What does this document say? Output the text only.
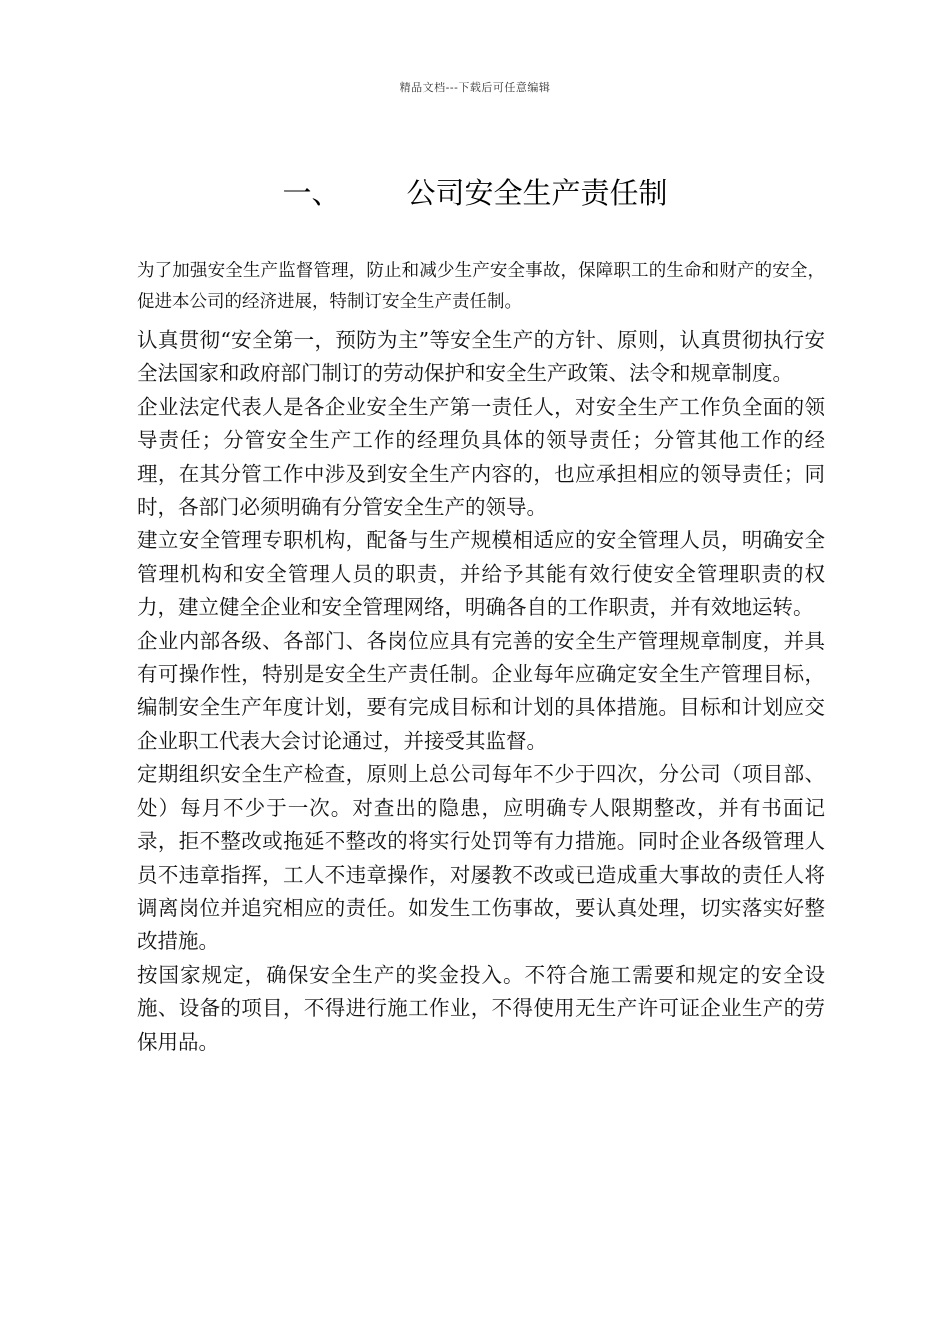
精品文档---下载后可任意编辑
一、 公司安全生产责任制

为了加强安全生产监督管理，防止和减少生产安全事故，保障职工的生命和财产的安全，促进本公司的经济进展，特制订安全生产责任制。

认真贯彻“安全第一，预防为主”等安全生产的方针、原则，认真贯彻执行安全法国家和政府部门制订的劳动保护和安全生产政策、法令和规章制度。

企业法定代表人是各企业安全生产第一责任人，对安全生产工作负全面的领导责任；分管安全生产工作的经理负具体的领导责任；分管其他工作的经理，在其分管工作中涉及到安全生产内容的，也应承担相应的领导责任；同时，各部门必须明确有分管安全生产的领导。

建立安全管理专职机构，配备与生产规模相适应的安全管理人员，明确安全管理机构和安全管理人员的职责，并给予其能有效行使安全管理职责的权力，建立健全企业和安全管理网络，明确各自的工作职责，并有效地运转。

企业内部各级、各部门、各岗位应具有完善的安全生产管理规章制度，并具有可操作性，特别是安全生产责任制。企业每年应确定安全生产管理目标，编制安全生产年度计划，要有完成目标和计划的具体措施。目标和计划应交企业职工代表大会讨论通过，并接受其监督。

定期组织安全生产检查，原则上总公司每年不少于四次，分公司（项目部、处）每月不少于一次。对查出的隐患，应明确专人限期整改，并有书面记录，拒不整改或拖延不整改的将实行处罚等有力措施。同时企业各级管理人员不违章指挥，工人不违章操作，对屡教不改或已造成重大事故的责任人将调离岗位并追究相应的责任。如发生工伤事故，要认真处理，切实落实好整改措施。

按国家规定，确保安全生产的奖金投入。不符合施工需要和规定的安全设施、设备的项目，不得进行施工作业，不得使用无生产许可证企业生产的劳保用品。
